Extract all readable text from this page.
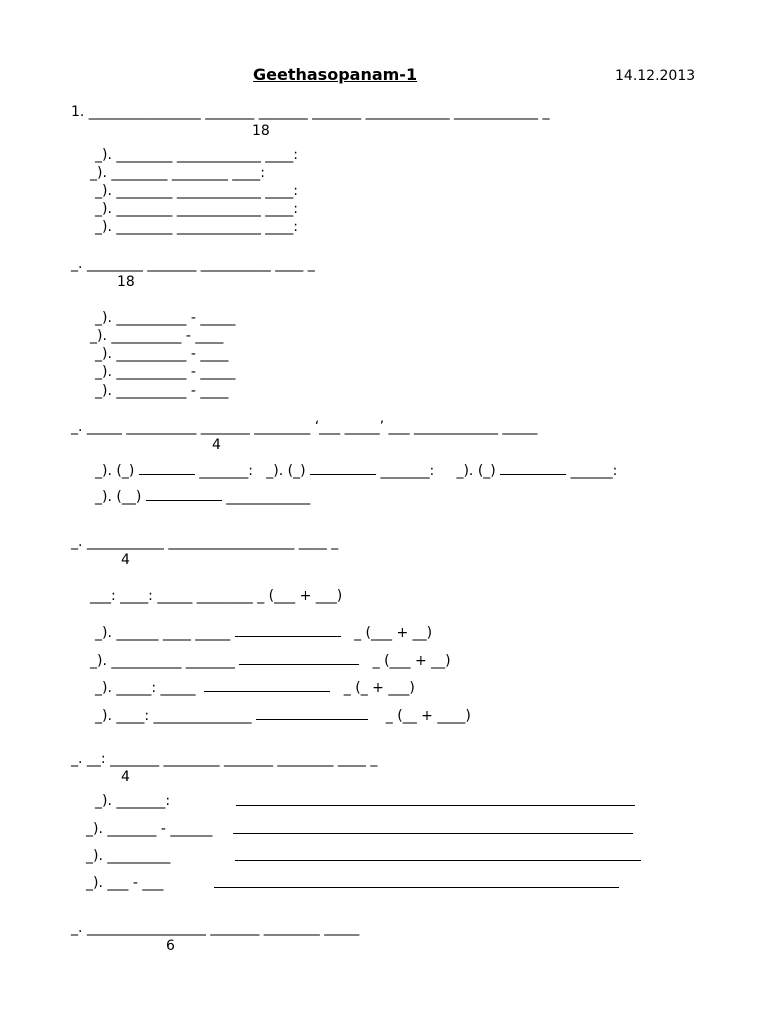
Geethasopanam-1	14.12.2013
1. ________________ _______ _______ _______ ____________ ____________ _
18
_). ________ ____________ ____:
_). ________ ________ ____:
_). ________ ____________ ____:
_). ________ ____________ ____:
_). ________ ____________ ____:
_. ________ _______ __________ ____ _
18
_). __________ - _____
_). __________ - ____
_). __________ - ____
_). __________ - _____
_). __________ - ____
_. _____ __________ _______ ________ ‘___ _____’ ___ ____________ _____
4
_). (_)	_______: _). (_)	_______: _). (_)	______:
_). (__)	____________
_. ___________ __________________ ____ _
4
___: ____: _____ ________ _ (___ + ___)
_). ______ ____ _____	_ (___ + __)
_). __________ _______	_ (___ + __)
_). _____: _____	_ (_ + ___)
_). ____: ______________	_ (__ + ____)
_. __: _______ ________ _______ ________ ____ _
4
_). _______:
_). _______ - ______
_). _________
_). ___ - ___
_. _________________ _______ ________ _____
6
